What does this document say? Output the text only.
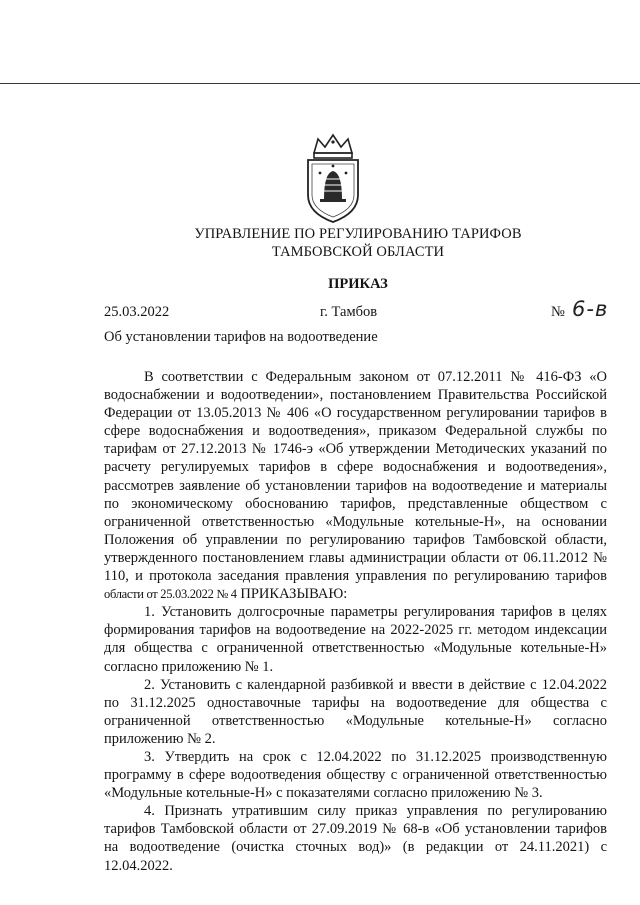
УПРАВЛЕНИЕ ПО РЕГУЛИРОВАНИЮ ТАРИФОВ
ТАМБОВСКОЙ ОБЛАСТИ
ПРИКАЗ
25.03.2022	г. Тамбов	№ 6-в
Об установлении тарифов на водоотведение

В соответствии с Федеральным законом от 07.12.2011 № 416-ФЗ «О водоснабжении и водоотведении», постановлением Правительства Российской Федерации от 13.05.2013 № 406 «О государственном регулировании тарифов в сфере водоснабжения и водоотведения», приказом Федеральной службы по тарифам от 27.12.2013 № 1746-э «Об утверждении Методических указаний по расчету регулируемых тарифов в сфере водоснабжения и водоотведения», рассмотрев заявление об установлении тарифов на водоотведение и материалы по экономическому обоснованию тарифов, представленные обществом с ограниченной ответственностью «Модульные котельные-Н», на основании Положения об управлении по регулированию тарифов Тамбовской области, утвержденного постановлением главы администрации области от 06.11.2012 № 110, и протокола заседания правления управления по регулированию тарифов области от 25.03.2022 № 4 ПРИКАЗЫВАЮ:

1. Установить долгосрочные параметры регулирования тарифов в целях формирования тарифов на водоотведение на 2022-2025 гг. методом индексации для общества с ограниченной ответственностью «Модульные котельные-Н» согласно приложению № 1.

2. Установить с календарной разбивкой и ввести в действие с 12.04.2022 по 31.12.2025 одноставочные тарифы на водоотведение для общества с ограниченной ответственностью «Модульные котельные-Н» согласно приложению № 2.

3. Утвердить на срок с 12.04.2022 по 31.12.2025 производственную программу в сфере водоотведения обществу с ограниченной ответственностью «Модульные котельные-Н» с показателями согласно приложению № 3.

4. Признать утратившим силу приказ управления по регулированию тарифов Тамбовской области от 27.09.2019 № 68-в «Об установлении тарифов на водоотведение (очистка сточных вод)» (в редакции от 24.11.2021) с 12.04.2022.
